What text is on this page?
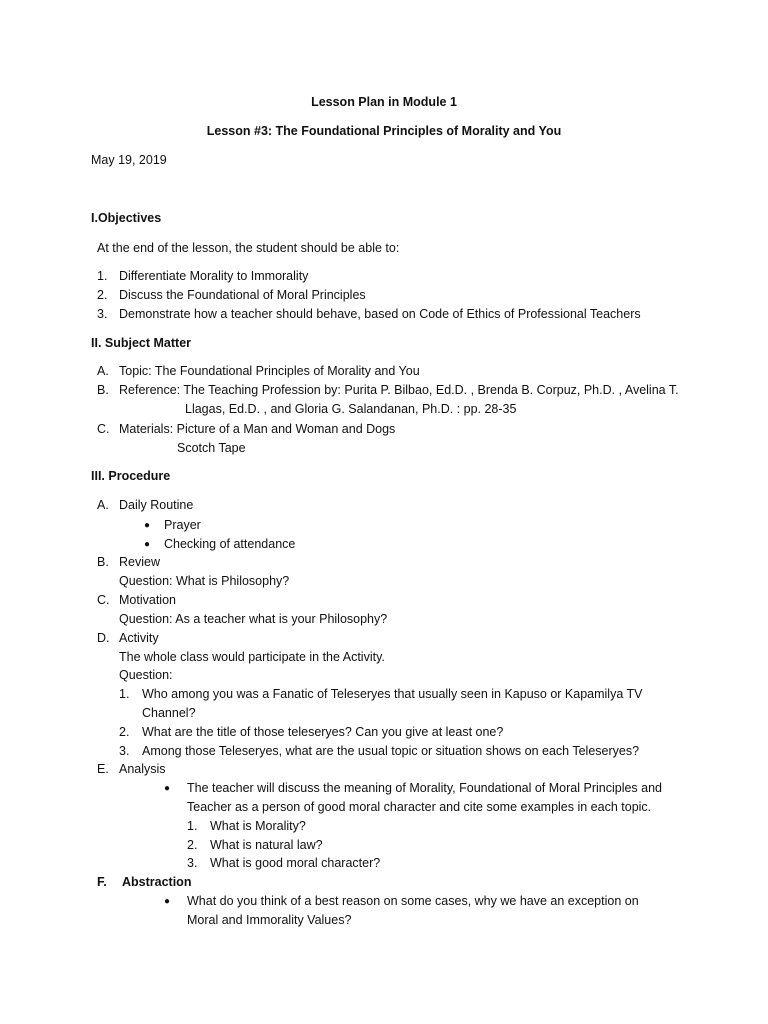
Lesson Plan in Module 1
Lesson #3: The Foundational Principles of Morality and You
May 19, 2019
I.Objectives
At the end of the lesson, the student should be able to:
1. Differentiate Morality to Immorality
2. Discuss the Foundational of Moral Principles
3. Demonstrate how a teacher should behave, based on Code of Ethics of Professional Teachers
II. Subject Matter
A. Topic: The Foundational Principles of Morality and You
B. Reference: The Teaching Profession by: Purita P. Bilbao, Ed.D. , Brenda B. Corpuz, Ph.D. , Avelina T.
Llagas, Ed.D. , and Gloria G. Salandanan, Ph.D. : pp. 28-35
C. Materials: Picture of a Man and Woman and Dogs
Scotch Tape
III. Procedure
A. Daily Routine
● Prayer
● Checking of attendance
B. Review
Question: What is Philosophy?
C. Motivation
Question: As a teacher what is your Philosophy?
D. Activity
The whole class would participate in the Activity.
Question:
1. Who among you was a Fanatic of Teleseryes that usually seen in Kapuso or Kapamilya TV
Channel?
2. What are the title of those teleseryes? Can you give at least one?
3. Among those Teleseryes, what are the usual topic or situation shows on each Teleseryes?
E. Analysis
● The teacher will discuss the meaning of Morality, Foundational of Moral Principles and
Teacher as a person of good moral character and cite some examples in each topic.
1. What is Morality?
2. What is natural law?
3. What is good moral character?
F. Abstraction
● What do you think of a best reason on some cases, why we have an exception on
Moral and Immorality Values?
